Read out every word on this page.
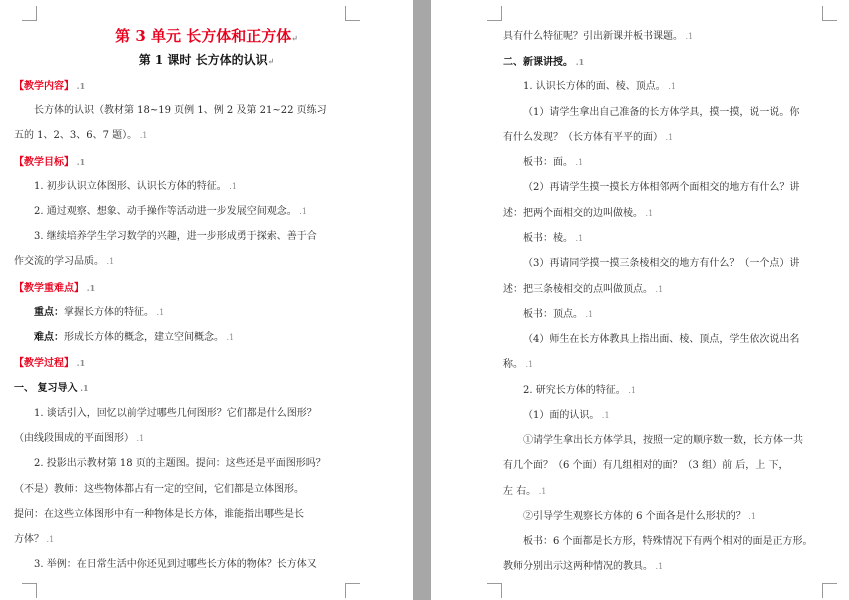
第 3 单元 长方体和正方体↵
第 1 课时 长方体的认识↵
【教学内容】 .1
长方体的认识（教材第 18~19 页例 1、例 2 及第 21~22 页练习
五的 1、2、3、6、7 题）。 .1
【教学目标】 .1
1. 初步认识立体图形、认识长方体的特征。 .1
2. 通过观察、想象、动手操作等活动进一步发展空间观念。 .1
3. 继续培养学生学习数学的兴趣，进一步形成勇于探索、善于合
作交流的学习品质。 .1
【教学重难点】 .1
重点：掌握长方体的特征。 .1
难点：形成长方体的概念，建立空间概念。 .1
【教学过程】 .1
一、 复习导入 .1
1. 谈话引入，回忆以前学过哪些几何图形？它们都是什么图形？
（由线段围成的平面图形） .1
2. 投影出示教材第 18 页的主题图。提问：这些还是平面图形吗？
（不是）教师：这些物体都占有一定的空间，它们都是立体图形。
提问：在这些立体图形中有一种物体是长方体，谁能指出哪些是长
方体？ .1
3. 举例：在日常生活中你还见到过哪些长方体的物体？长方体又
具有什么特征呢？引出新课并板书课题。 .1
二、新课讲授。 .1
1. 认识长方体的面、棱、顶点。 .1
（1）请学生拿出自己准备的长方体学具，摸一摸，说一说。你
有什么发现？（长方体有平平的面） .1
板书：面。 .1
（2）再请学生摸一摸长方体相邻两个面相交的地方有什么？讲
述：把两个面相交的边叫做棱。 .1
板书：棱。 .1
（3）再请同学摸一摸三条棱相交的地方有什么？（一个点）讲
述：把三条棱相交的点叫做顶点。 .1
板书：顶点。 .1
（4）师生在长方体教具上指出面、棱、顶点，学生依次说出名
称。 .1
2. 研究长方体的特征。 .1
（1）面的认识。 .1
①请学生拿出长方体学具，按照一定的顺序数一数，长方体一共
有几个面？（6 个面）有几组相对的面？（3 组）前 后，上 下，
左 右。 .1
②引导学生观察长方体的 6 个面各是什么形状的？ .1
板书：6 个面都是长方形，特殊情况下有两个相对的面是正方形。
教师分别出示这两种情况的教具。 .1
